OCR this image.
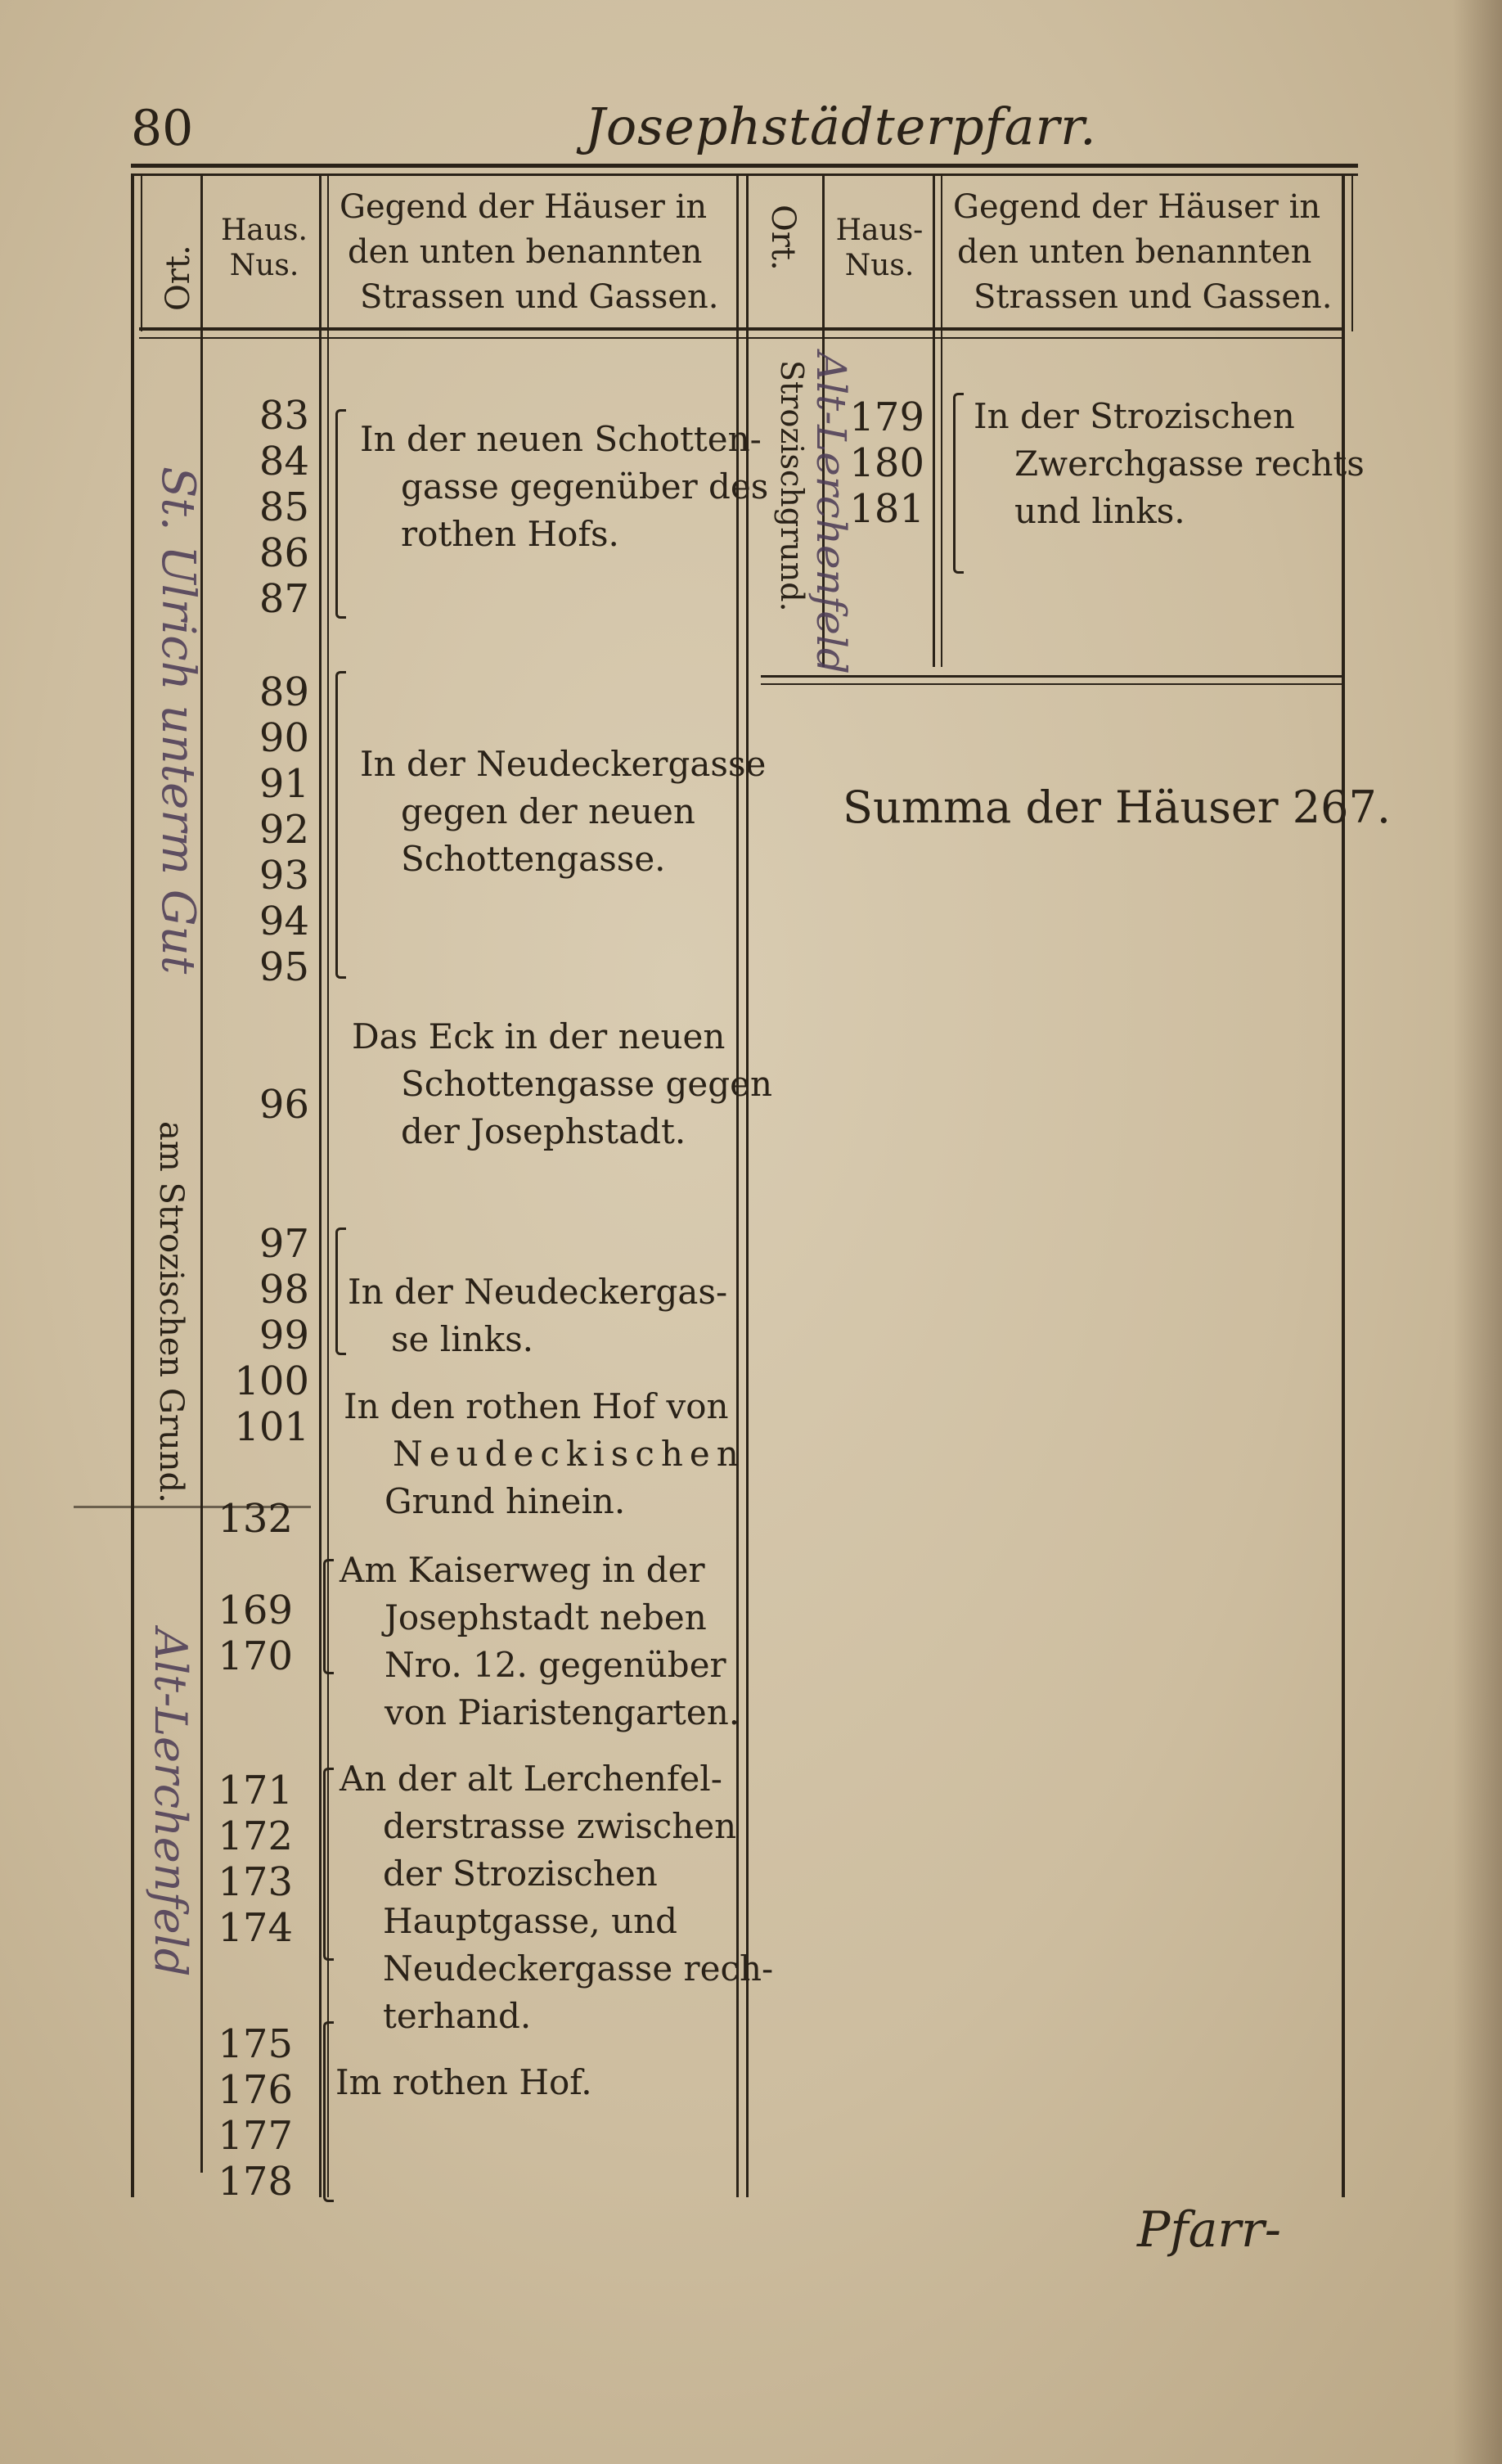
80	Josephstädterpfarr.
Ort.
Haus.
Nus.
Gegend der Häuser in
den unten benannten
Strassen und Gassen.
Ort. Haus-
Nus.
Gegend der Häuser in
den unten benannten
Strassen und Gassen.
St. Ulrich unterm Gut
am Strozischen Grund.
Alt-Lerchenfeld
83
84
85
86
87
In der neuen Schotten-
gasse gegenüber des
rothen Hofs.
89
90
91
92
93
94
95
In der Neudeckergasse
gegen der neuen
Schottengasse.
96
Das Eck in der neuen
Schottengasse gegen
der Josephstadt.
97
98
99
In der Neudeckergas-
se links.
100
101 In den rothen Hof von
Neudeckischen
Grund hinein.
132
169
170
Am Kaiserweg in der
Josephstadt neben
Nro. 12. gegenüber
von Piaristengarten.
171
172
173
174
An der alt Lerchenfel-
derstrasse zwischen
der Strozischen
Hauptgasse, und
Neudeckergasse rech-
terhand.
175
176
177
178
Im rothen Hof.
Strozischgrund.
Alt-Lerchenfeld
179
180
181
In der Strozischen
Zwerchgasse rechts
und links.
Summa der Häuser 267.
Pfarr-
